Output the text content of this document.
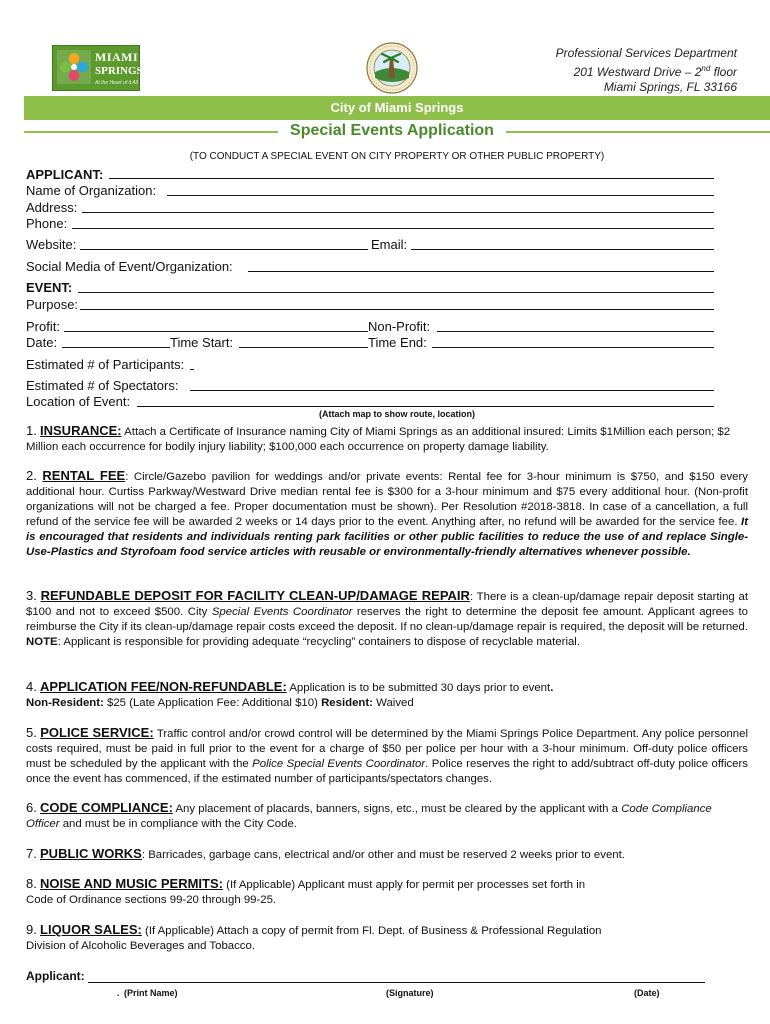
MIAMI
SPRINGS
At the Heart of it All
Professional Services Department
201 Westward Drive – 2nd floor
Miami Springs, FL 33166
City of Miami Springs
Special Events Application
(TO CONDUCT A SPECIAL EVENT ON CITY PROPERTY OR OTHER PUBLIC PROPERTY)
APPLICANT:
Name of Organization:
Address:
Phone:
Website:	Email:
Social Media of Event/Organization:
EVENT:
Purpose:
Profit:	Non-Profit:
Date:	Time Start:	Time End:
Estimated # of Participants:
Estimated # of Spectators:
Location of Event:
(Attach map to show route, location)
1. INSURANCE: Attach a Certificate of Insurance naming City of Miami Springs as an additional insured: Limits $1Million each person; $2 Million each occurrence for bodily injury liability; $100,000 each occurrence on property damage liability.
2. RENTAL FEE: Circle/Gazebo pavilion for weddings and/or private events: Rental fee for 3-hour minimum is $750, and $150 every additional hour. Curtiss Parkway/Westward Drive median rental fee is $300 for a 3-hour minimum and $75 every additional hour. (Non-profit organizations will not be charged a fee. Proper documentation must be shown). Per Resolution #2018-3818. In case of a cancellation, a full refund of the service fee will be awarded 2 weeks or 14 days prior to the event. Anything after, no refund will be awarded for the service fee. It is encouraged that residents and individuals renting park facilities or other public facilities to reduce the use of and replace Single-Use-Plastics and Styrofoam food service articles with reusable or environmentally-friendly alternatives whenever possible.
3. REFUNDABLE DEPOSIT FOR FACILITY CLEAN-UP/DAMAGE REPAIR: There is a clean-up/damage repair deposit starting at $100 and not to exceed $500. City Special Events Coordinator reserves the right to determine the deposit fee amount. Applicant agrees to reimburse the City if its clean-up/damage repair costs exceed the deposit. If no clean-up/damage repair is required, the deposit will be returned. NOTE: Applicant is responsible for providing adequate “recycling” containers to dispose of recyclable material.
4. APPLICATION FEE/NON-REFUNDABLE: Application is to be submitted 30 days prior to event.
Non-Resident: $25 (Late Application Fee: Additional $10) Resident: Waived
5. POLICE SERVICE: Traffic control and/or crowd control will be determined by the Miami Springs Police Department. Any police personnel costs required, must be paid in full prior to the event for a charge of $50 per police per hour with a 3-hour minimum. Off-duty police officers must be scheduled by the applicant with the Police Special Events Coordinator. Police reserves the right to add/subtract off-duty police officers once the event has commenced, if the estimated number of participants/spectators changes.
6. CODE COMPLIANCE: Any placement of placards, banners, signs, etc., must be cleared by the applicant with a Code Compliance Officer and must be in compliance with the City Code.
7. PUBLIC WORKS: Barricades, garbage cans, electrical and/or other and must be reserved 2 weeks prior to event.
8. NOISE AND MUSIC PERMITS: (If Applicable) Applicant must apply for permit per processes set forth in
Code of Ordinance sections 99-20 through 99-25.
9. LIQUOR SALES: (If Applicable) Attach a copy of permit from Fl. Dept. of Business & Professional Regulation
Division of Alcoholic Beverages and Tobacco.
Applicant:
. (Print Name)	(Signature)	(Date)
